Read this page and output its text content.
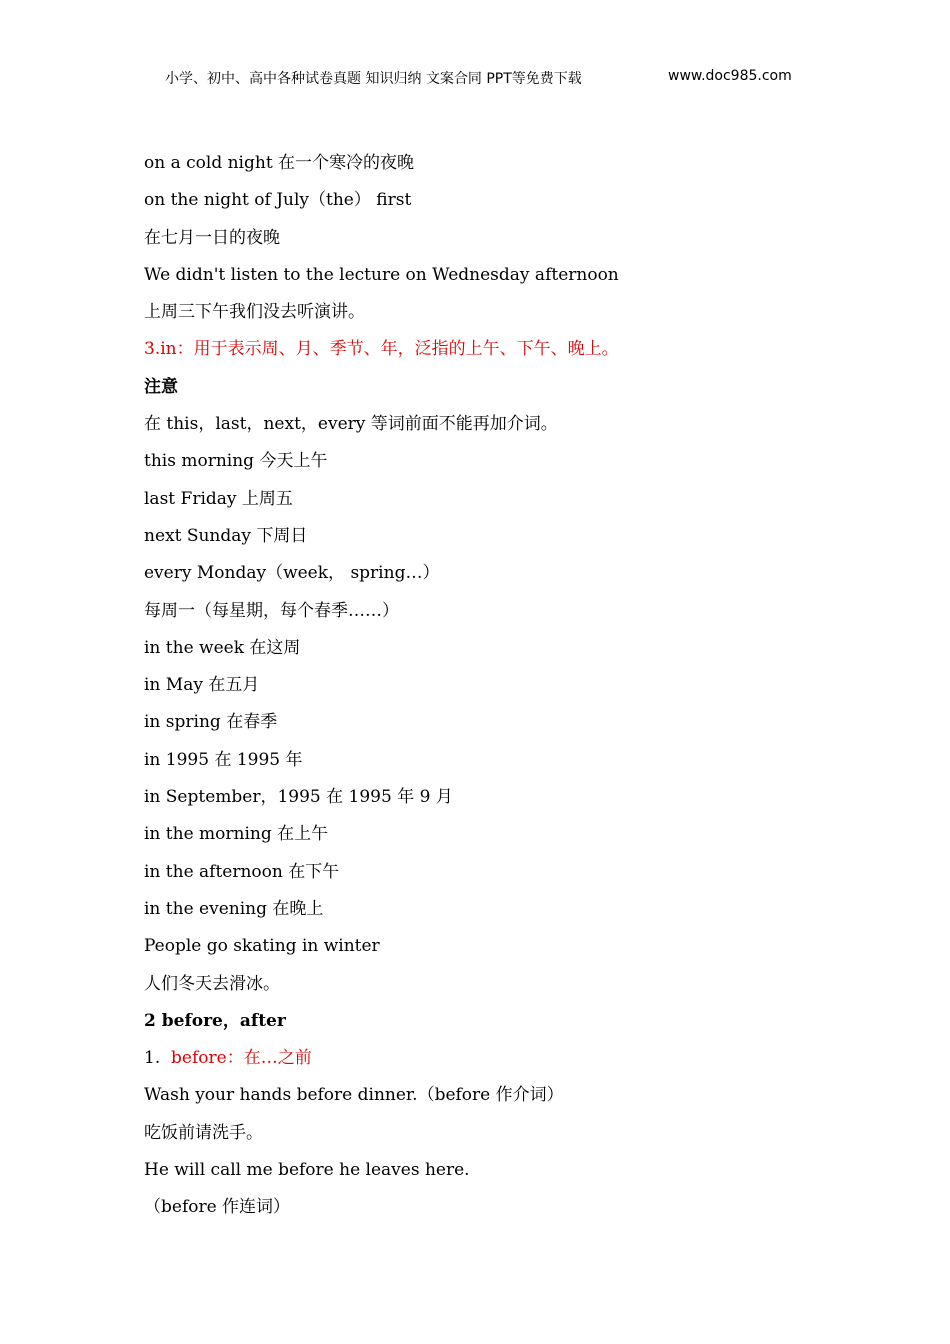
小学、初中、高中各种试卷真题 知识归纳 文案合同 PPT等免费下载	www.doc985.com
on a cold night 在一个寒冷的夜晚
on the night of July（the） first
在七月一日的夜晚
We didn't listen to the lecture on Wednesday afternoon
上周三下午我们没去听演讲。
3.in：用于表示周、月、季节、年，泛指的上午、下午、晚上。
注意
在 this，last，next，every 等词前面不能再加介词。
this morning 今天上午
last Friday 上周五
next Sunday 下周日
every Monday（week， spring…）
每周一（每星期，每个春季……）
in the week 在这周
in May 在五月
in spring 在春季
in 1995 在 1995 年
in September，1995 在 1995 年 9 月
in the morning 在上午
in the afternoon 在下午
in the evening 在晚上
People go skating in winter
人们冬天去滑冰。
2 before，after
1. before：在…之前
Wash your hands before dinner.（before 作介词）
吃饭前请洗手。
He will call me before he leaves here.
（before 作连词）
